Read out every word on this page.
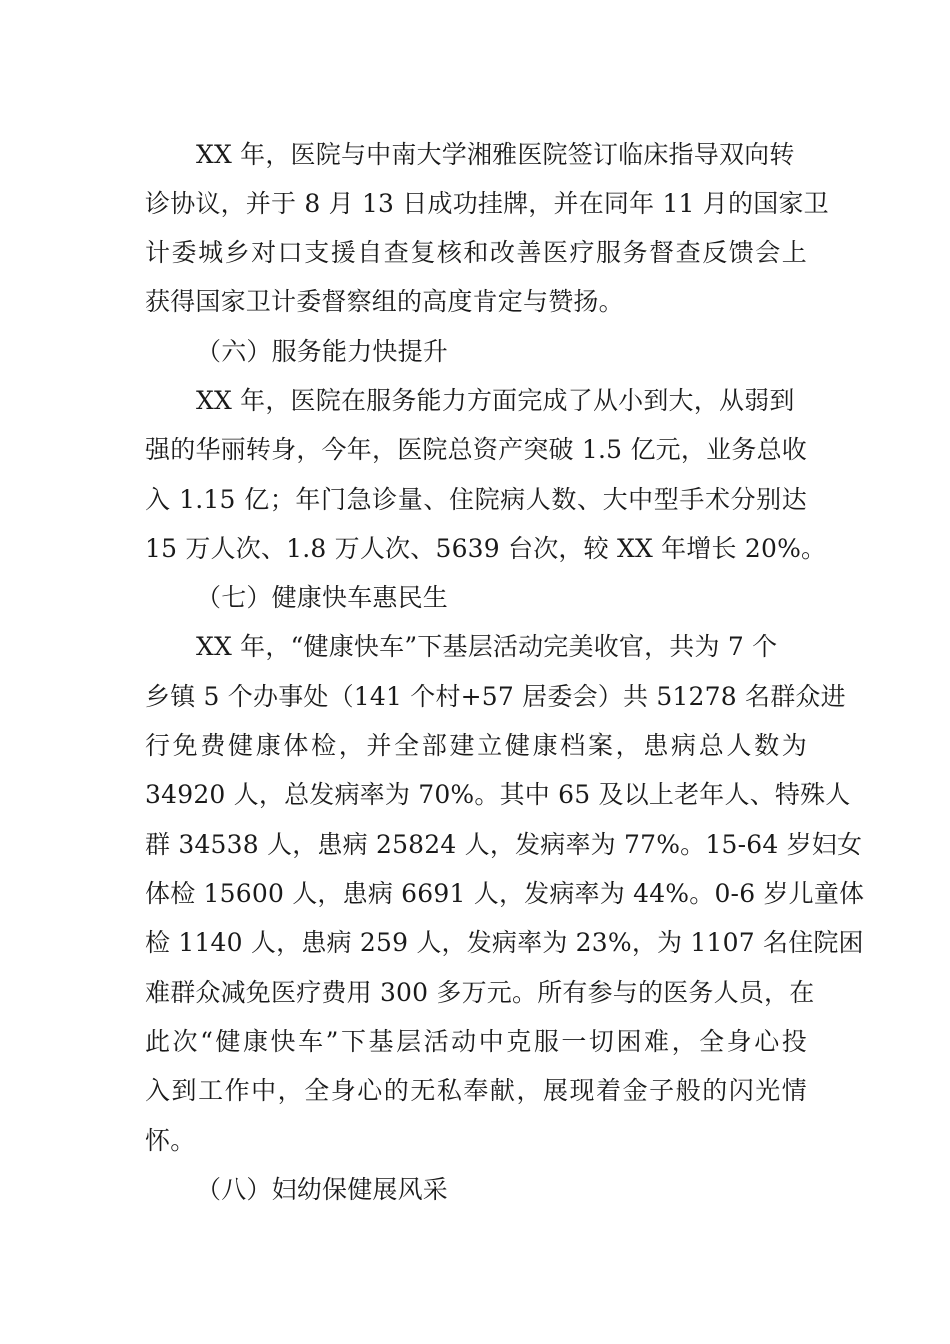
XX 年，医院与中南大学湘雅医院签订临床指导双向转
诊协议，并于 8 月 13 日成功挂牌，并在同年 11 月的国家卫
计委城乡对口支援自查复核和改善医疗服务督查反馈会上
获得国家卫计委督察组的高度肯定与赞扬。
（六）服务能力快提升
XX 年，医院在服务能力方面完成了从小到大，从弱到
强的华丽转身，今年，医院总资产突破 1.5 亿元，业务总收
入 1.15 亿；年门急诊量、住院病人数、大中型手术分别达
15 万人次、1.8 万人次、5639 台次，较 XX 年增长 20%。
（七）健康快车惠民生
XX 年，“健康快车”下基层活动完美收官，共为 7 个
乡镇 5 个办事处（141 个村+57 居委会）共 51278 名群众进
行免费健康体检，并全部建立健康档案，患病总人数为
34920 人，总发病率为 70%。其中 65 及以上老年人、特殊人
群 34538 人，患病 25824 人，发病率为 77%。15-64 岁妇女
体检 15600 人，患病 6691 人，发病率为 44%。0-6 岁儿童体
检 1140 人，患病 259 人，发病率为 23%，为 1107 名住院困
难群众减免医疗费用 300 多万元。所有参与的医务人员，在
此次“健康快车”下基层活动中克服一切困难，全身心投
入到工作中，全身心的无私奉献，展现着金子般的闪光情
怀。
（八）妇幼保健展风采
